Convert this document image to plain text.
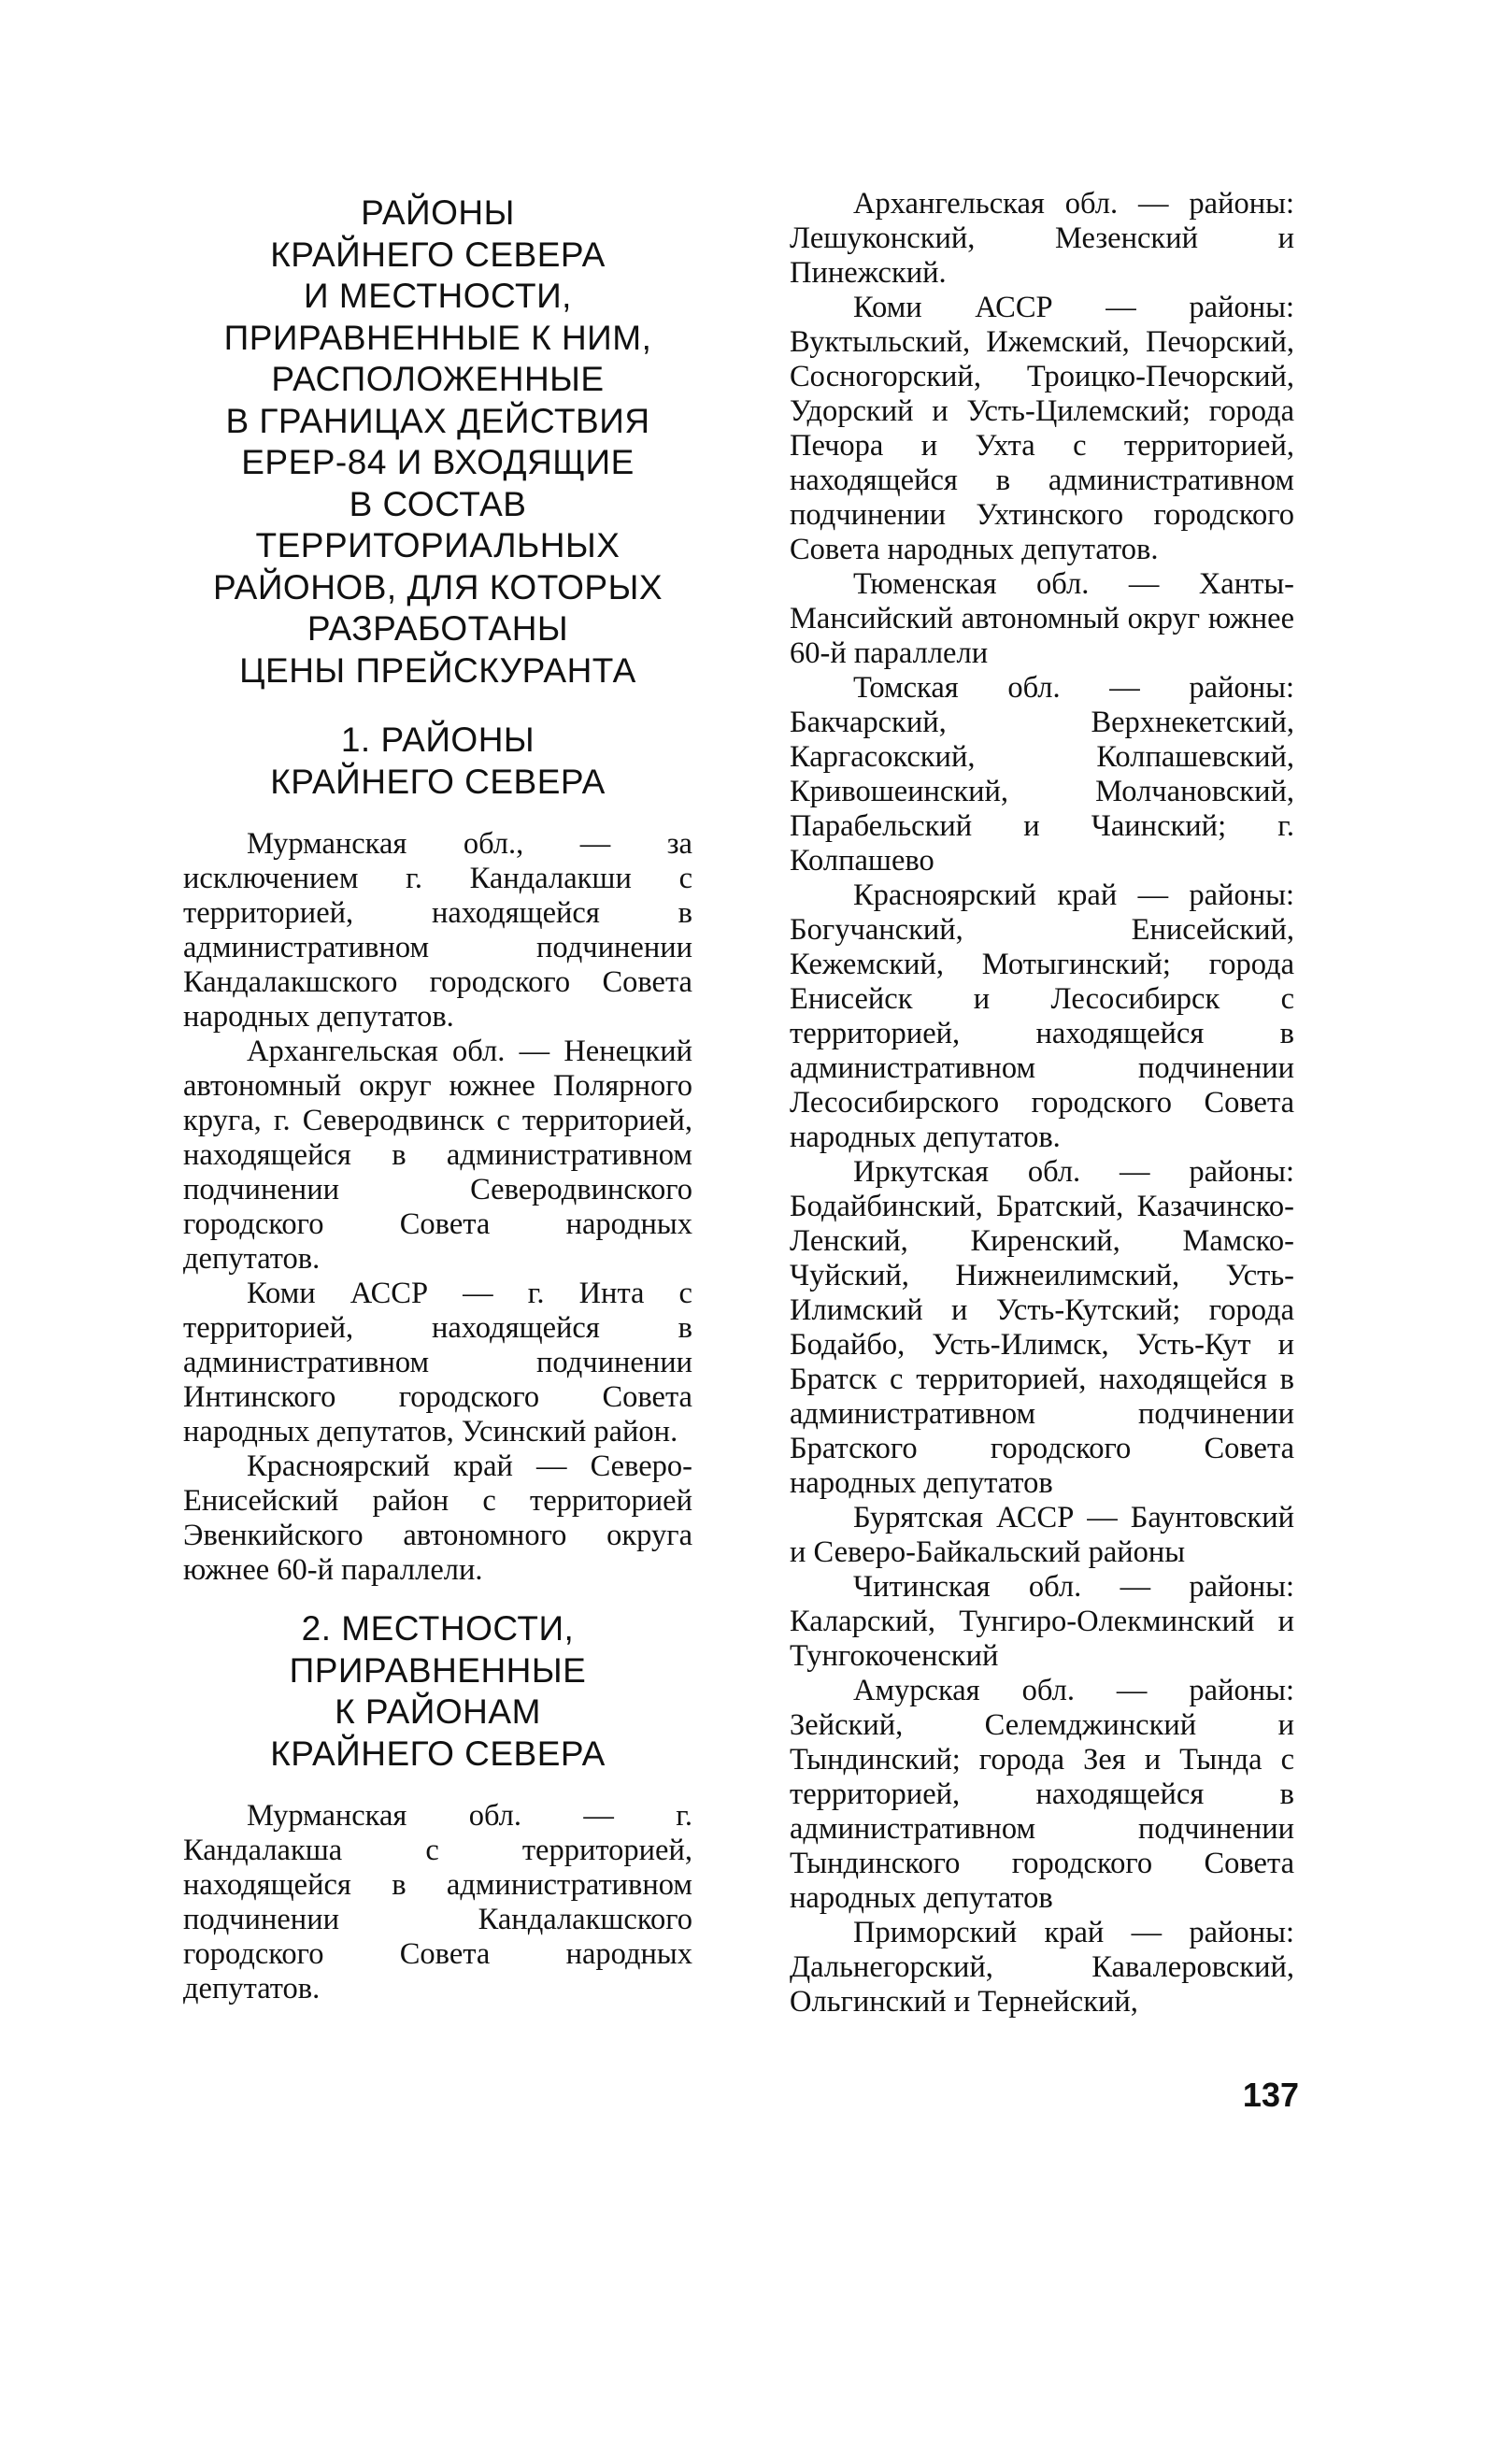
РАЙОНЫ
КРАЙНЕГО СЕВЕРА
И МЕСТНОСТИ,
ПРИРАВНЕННЫЕ К НИМ,
РАСПОЛОЖЕННЫЕ
В ГРАНИЦАХ ДЕЙСТВИЯ
ЕРЕР-84 И ВХОДЯЩИЕ
В СОСТАВ
ТЕРРИТОРИАЛЬНЫХ
РАЙОНОВ, ДЛЯ КОТОРЫХ
РАЗРАБОТАНЫ
ЦЕНЫ ПРЕЙСКУРАНТА
1. РАЙОНЫ
КРАЙНЕГО СЕВЕРА

Мурманская обл., — за исключением г. Кандалакши с территорией, находящейся в административном подчинении Кандалакшского городского Совета народных депутатов.

Архангельская обл. — Ненецкий автономный округ южнее Полярного круга, г. Северодвинск с территорией, находящейся в административном подчинении Северодвинского городского Совета народных депутатов.

Коми АССР — г. Инта с территорией, находящейся в административном подчинении Интинского городского Совета народных депутатов, Усинский район.

Красноярский край — Северо-Енисейский район с территорией Эвенкийского автономного округа южнее 60-й параллели.

2. МЕСТНОСТИ,
ПРИРАВНЕННЫЕ
К РАЙОНАМ
КРАЙНЕГО СЕВЕРА

Мурманская обл. — г. Кандалакша с территорией, находящейся в административном подчинении Кандалакшского городского Совета народных депутатов.

Архангельская обл. — районы: Лешуконский, Мезенский и Пинежский.

Коми АССР — районы: Вуктыльский, Ижемский, Печорский, Сосногорский, Троицко-Печорский, Удорский и Усть-Цилемский; города Печора и Ухта с территорией, находящейся в административном подчинении Ухтинского городского Совета народных депутатов.

Тюменская обл. — Ханты-Мансийский автономный округ южнее 60-й параллели

Томская обл. — районы: Бакчарский, Верхнекетский, Каргасокский, Колпашевский, Кривошеинский, Молчановский, Парабельский и Чаинский; г. Колпашево

Красноярский край — районы: Богучанский, Енисейский, Кежемский, Мотыгинский; города Енисейск и Лесосибирск с территорией, находящейся в административном подчинении Лесосибирского городского Совета народных депутатов.

Иркутская обл. — районы: Бодайбинский, Братский, Казачинско-Ленский, Киренский, Мамско-Чуйский, Нижнеилимский, Усть-Илимский и Усть-Кутский; города Бодайбо, Усть-Илимск, Усть-Кут и Братск с территорией, находящейся в административном подчинении Братского городского Совета народных депутатов

Бурятская АССР — Баунтовский и Северо-Байкальский районы

Читинская обл. — районы: Каларский, Тунгиро-Олекминский и Тунгокоченский

Амурская обл. — районы: Зейский, Селемджинский и Тындинский; города Зея и Тында с территорией, находящейся в административном подчинении Тындинского городского Совета народных депутатов

Приморский край — районы: Дальнегорский, Кавалеровский, Ольгинский и Тернейский,

137
